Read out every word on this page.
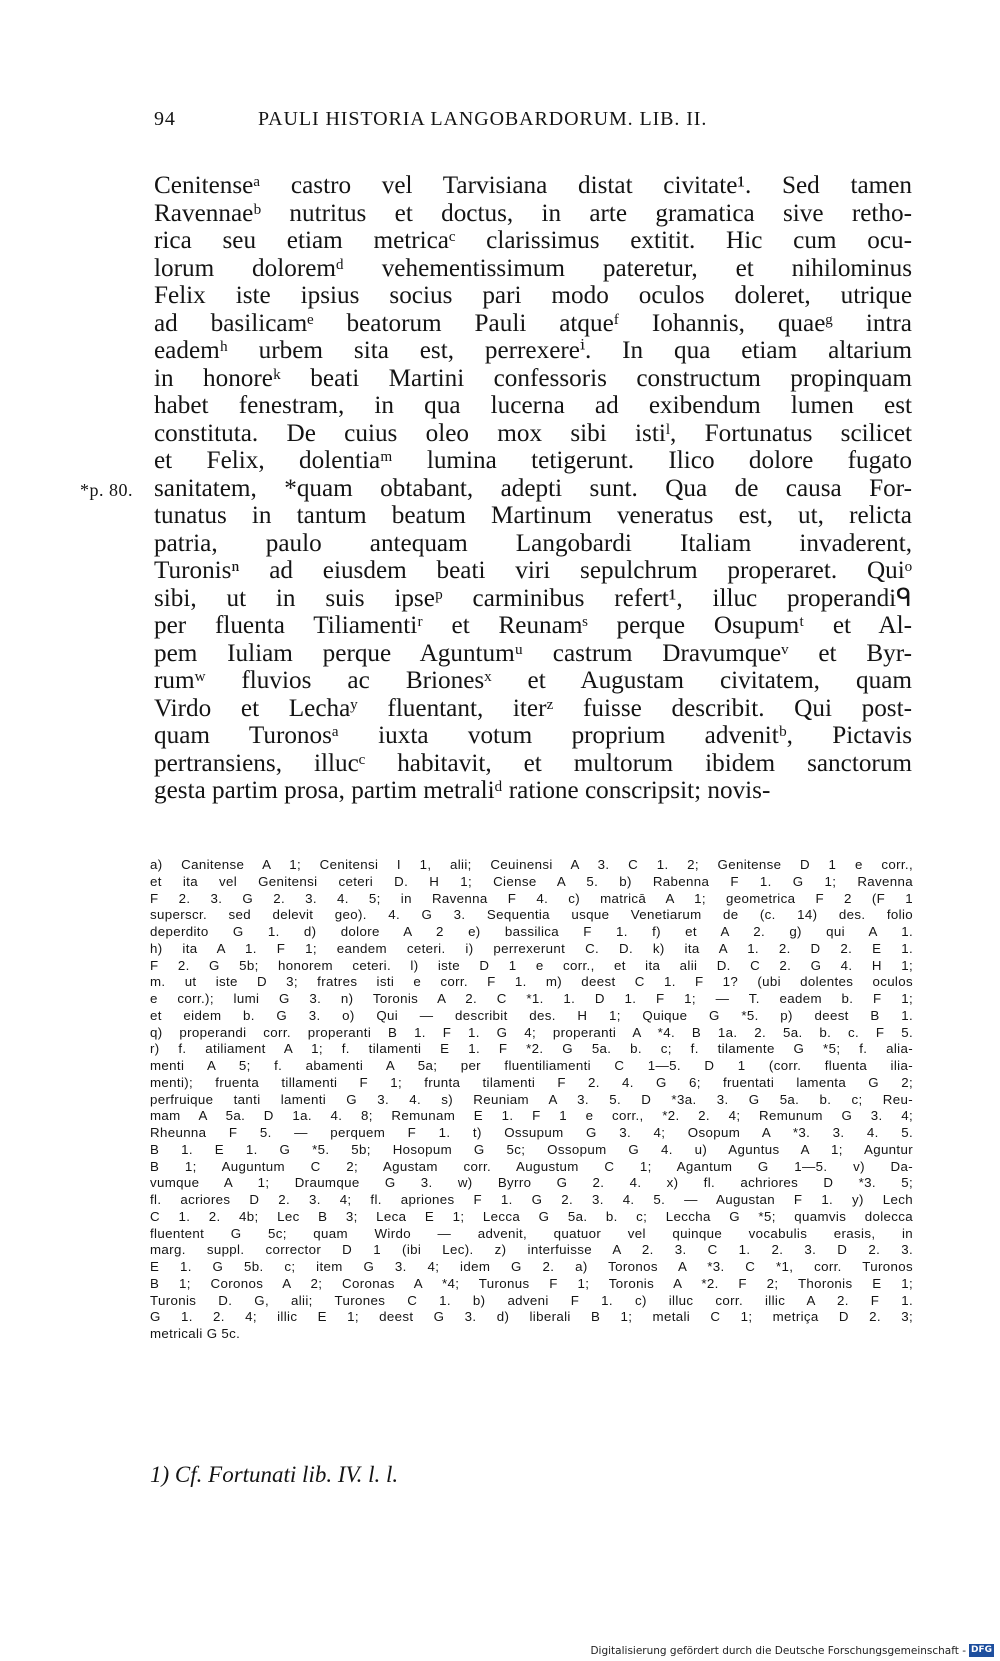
94	PAULI HISTORIA LANGOBARDORUM. LIB. II.
Cenitenseᵃ castro vel Tarvisiana distat civitate¹. Sed tamen
Ravennaeᵇ nutritus et doctus, in arte gramatica sive retho-
rica seu etiam metricaᶜ clarissimus extitit. Hic cum ocu-
lorum doloremᵈ vehementissimum pateretur, et nihilominus
Felix iste ipsius socius pari modo oculos doleret, utrique
ad basilicamᵉ beatorum Pauli atqueᶠ Iohannis, quaeᵍ intra
eademʰ urbem sita est, perrexereⁱ. In qua etiam altarium
in honoreᵏ beati Martini confessoris constructum propinquam
habet fenestram, in qua lucerna ad exibendum lumen est
constituta. De cuius oleo mox sibi istiˡ, Fortunatus scilicet
et Felix, dolentiaᵐ lumina tetigerunt. Ilico dolore fugato
sanitatem, *quam obtabant, adepti sunt. Qua de causa For-
*p. 80.
tunatus in tantum beatum Martinum veneratus est, ut, relicta
patria, paulo antequam Langobardi Italiam invaderent,
Turonisⁿ ad eiusdem beati viri sepulchrum properaret. Quiᵒ
sibi, ut in suis ipseᵖ carminibus refert¹, illuc properandiᑫ
per fluenta Tiliamentiʳ et Reunamˢ perque Osupumᵗ et Al-
pem Iuliam perque Aguntumᵘ castrum Dravumqueᵛ et Byr-
rumʷ fluvios ac Brionesˣ et Augustam civitatem, quam
Virdo et Lechaʸ fluentant, iterᶻ fuisse describit. Qui post-
quam Turonosᵃ iuxta votum proprium advenitᵇ, Pictavis
pertransiens, illucᶜ habitavit, et multorum ibidem sanctorum
gesta partim prosa, partim metraliᵈ ratione conscripsit; novis-
a) Canitense A 1; Cenitensi I 1, alii; Ceuinensi A 3. C 1. 2; Genitense D 1 e corr.,
et ita vel Genitensi ceteri D. H 1; Ciense A 5. b) Rabenna F 1. G 1; Ravenna
F 2. 3. G 2. 3. 4. 5; in Ravenna F 4. c) matricā A 1; geometrica F 2 (F 1
superscr. sed delevit geo). 4. G 3. Sequentia usque Venetiarum de (c. 14) des. folio
deperdito G 1. d) dolore A 2 e) bassilica F 1. f) et A 2. g) qui A 1.
h) ita A 1. F 1; eandem ceteri. i) perrexerunt C. D. k) ita A 1. 2. D 2. E 1.
F 2. G 5b; honorem ceteri. l) iste D 1 e corr., et ita alii D. C 2. G 4. H 1;
m. ut iste D 3; fratres isti e corr. F 1. m) deest C 1. F 1? (ubi dolentes oculos
e corr.); lumi G 3. n) Toronis A 2. C *1. 1. D 1. F 1; — T. eadem b. F 1;
et eidem b. G 3. o) Qui — describit des. H 1; Quique G *5. p) deest B 1.
q) properandi corr. properanti B 1. F 1. G 4; properanti A *4. B 1a. 2. 5a. b. c. F 5.
r) f. atiliament A 1; f. tilamenti E 1. F *2. G 5a. b. c; f. tilamente G *5; f. alia-
menti A 5; f. abamenti A 5a; per fluentiliamenti C 1—5. D 1 (corr. fluenta ilia-
menti); fruenta tillamenti F 1; frunta tilamenti F 2. 4. G 6; fruentati lamenta G 2;
perfruique tanti lamenti G 3. 4. s) Reuniam A 3. 5. D *3a. 3. G 5a. b. c; Reu-
mam A 5a. D 1a. 4. 8; Remunam E 1. F 1 e corr., *2. 2. 4; Remunum G 3. 4;
Rheunna F 5. — perquem F 1. t) Ossupum G 3. 4; Osopum A *3. 3. 4. 5.
B 1. E 1. G *5. 5b; Hosopum G 5c; Ossopum G 4. u) Aguntus A 1; Aguntur
B 1; Auguntum C 2; Agustam corr. Augustum C 1; Agantum G 1—5. v) Da-
vumque A 1; Draumque G 3. w) Byrro G 2. 4. x) fl. achriores D *3. 5;
fl. acriores D 2. 3. 4; fl. apriones F 1. G 2. 3. 4. 5. — Augustan F 1. y) Lech
C 1. 2. 4b; Lec B 3; Leca E 1; Lecca G 5a. b. c; Leccha G *5; quamvis dolecca
fluentent G 5c; quam Wirdo — advenit, quatuor vel quinque vocabulis erasis, in
marg. suppl. corrector D 1 (ibi Lec). z) interfuisse A 2. 3. C 1. 2. 3. D 2. 3.
E 1. G 5b. c; item G 3. 4; idem G 2. a) Toronos A *3. C *1, corr. Turonos
B 1; Coronos A 2; Coronas A *4; Turonus F 1; Toronis A *2. F 2; Thoronis E 1;
Turonis D. G, alii; Turones C 1. b) adveni F 1. c) illuc corr. illic A 2. F 1.
G 1. 2. 4; illic E 1; deest G 3. d) liberali B 1; metali C 1; metriça D 2. 3;
metricali G 5c.
1) Cf. Fortunati lib. IV. l. l.
Digitalisierung gefördert durch die Deutsche Forschungsgemeinschaft - DFG
